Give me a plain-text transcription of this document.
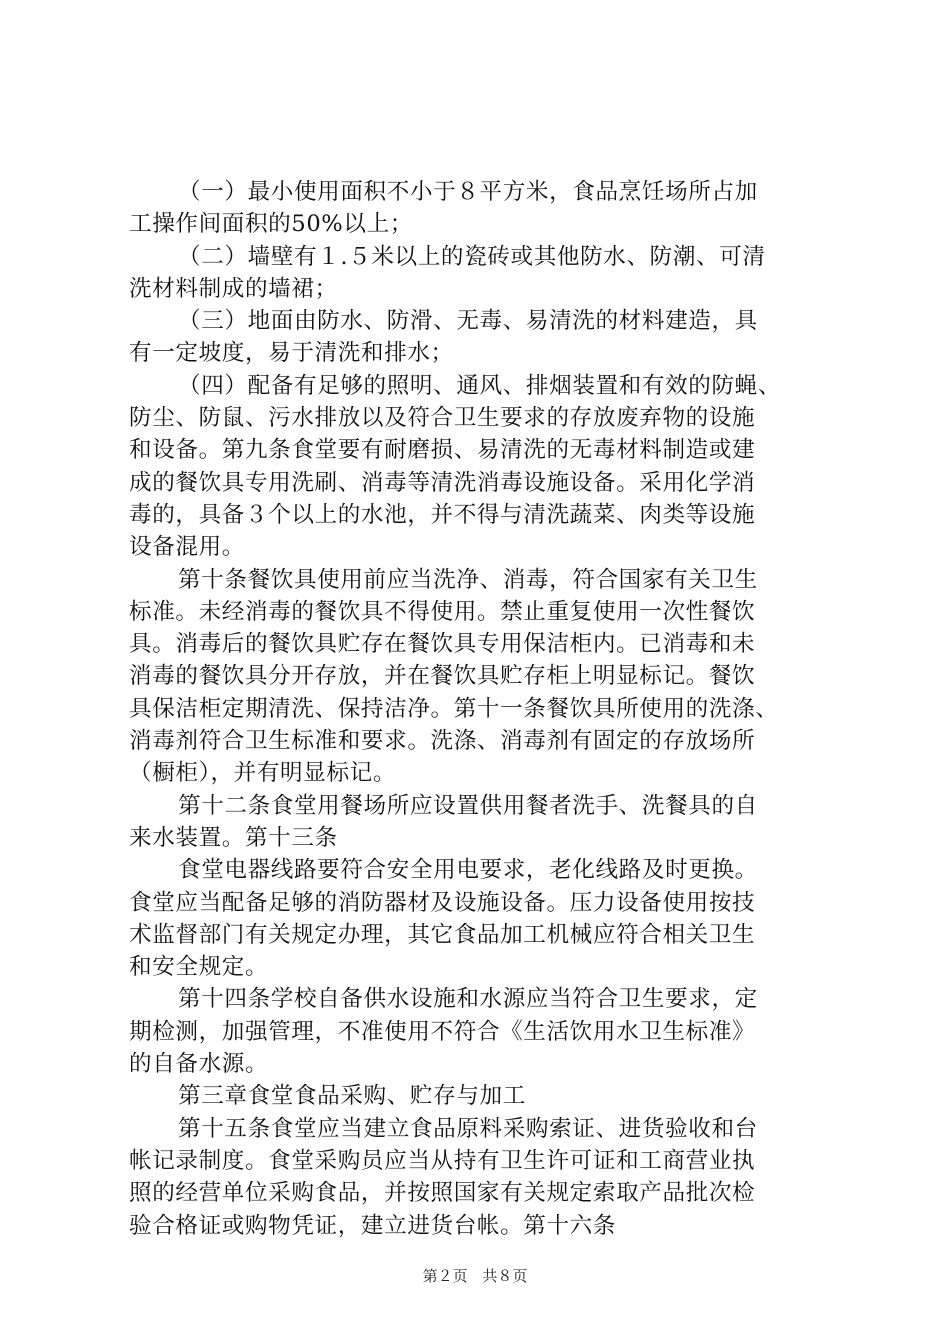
（一）最小使用面积不小于８平方米，食品烹饪场所占加
工操作间面积的50%以上；
（二）墙壁有１.５米以上的瓷砖或其他防水、防潮、可清
洗材料制成的墙裙；
（三）地面由防水、防滑、无毒、易清洗的材料建造，具
有一定坡度，易于清洗和排水；
（四）配备有足够的照明、通风、排烟装置和有效的防蝇、
防尘、防鼠、污水排放以及符合卫生要求的存放废弃物的设施
和设备。第九条食堂要有耐磨损、易清洗的无毒材料制造或建
成的餐饮具专用洗刷、消毒等清洗消毒设施设备。采用化学消
毒的，具备３个以上的水池，并不得与清洗蔬菜、肉类等设施
设备混用。
第十条餐饮具使用前应当洗净、消毒，符合国家有关卫生
标准。未经消毒的餐饮具不得使用。禁止重复使用一次性餐饮
具。消毒后的餐饮具贮存在餐饮具专用保洁柜内。已消毒和未
消毒的餐饮具分开存放，并在餐饮具贮存柜上明显标记。餐饮
具保洁柜定期清洗、保持洁净。第十一条餐饮具所使用的洗涤、
消毒剂符合卫生标准和要求。洗涤、消毒剂有固定的存放场所
（橱柜），并有明显标记。
第十二条食堂用餐场所应设置供用餐者洗手、洗餐具的自
来水装置。第十三条
食堂电器线路要符合安全用电要求，老化线路及时更换。
食堂应当配备足够的消防器材及设施设备。压力设备使用按技
术监督部门有关规定办理，其它食品加工机械应符合相关卫生
和安全规定。
第十四条学校自备供水设施和水源应当符合卫生要求，定
期检测，加强管理，不准使用不符合《生活饮用水卫生标准》
的自备水源。
第三章食堂食品采购、贮存与加工
第十五条食堂应当建立食品原料采购索证、进货验收和台
帐记录制度。食堂采购员应当从持有卫生许可证和工商营业执
照的经营单位采购食品，并按照国家有关规定索取产品批次检
验合格证或购物凭证，建立进货台帐。第十六条
第２页 共８页
